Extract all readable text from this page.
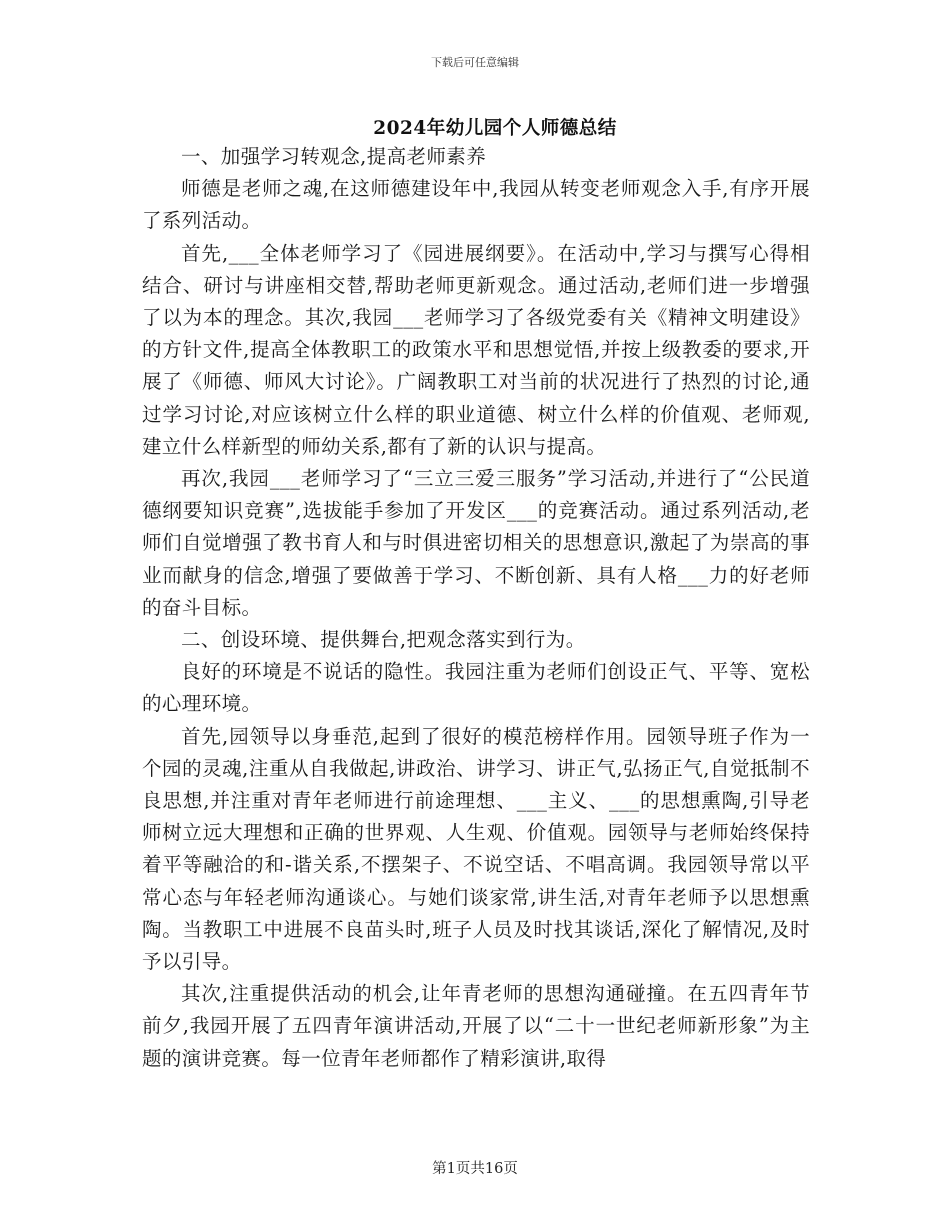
下载后可任意编辑
2024年幼儿园个人师德总结

一、加强学习转观念,提高老师素养

师德是老师之魂,在这师德建设年中,我园从转变老师观念入手,有序开展了系列活动。

首先,___全体老师学习了《园进展纲要》。在活动中,学习与撰写心得相结合、研讨与讲座相交替,帮助老师更新观念。通过活动,老师们进一步增强了以为本的理念。其次,我园___老师学习了各级党委有关《精神文明建设》的方针文件,提高全体教职工的政策水平和思想觉悟,并按上级教委的要求,开展了《师德、师风大讨论》。广阔教职工对当前的状况进行了热烈的讨论,通过学习讨论,对应该树立什么样的职业道德、树立什么样的价值观、老师观,建立什么样新型的师幼关系,都有了新的认识与提高。

再次,我园___老师学习了“三立三爱三服务”学习活动,并进行了“公民道德纲要知识竞赛”,选拔能手参加了开发区___的竞赛活动。通过系列活动,老师们自觉增强了教书育人和与时俱进密切相关的思想意识,激起了为崇高的事业而献身的信念,增强了要做善于学习、不断创新、具有人格___力的好老师的奋斗目标。

二、创设环境、提供舞台,把观念落实到行为。

良好的环境是不说话的隐性。我园注重为老师们创设正气、平等、宽松的心理环境。

首先,园领导以身垂范,起到了很好的模范榜样作用。园领导班子作为一个园的灵魂,注重从自我做起,讲政治、讲学习、讲正气,弘扬正气,自觉抵制不良思想,并注重对青年老师进行前途理想、___主义、___的思想熏陶,引导老师树立远大理想和正确的世界观、人生观、价值观。园领导与老师始终保持着平等融洽的和-谐关系,不摆架子、不说空话、不唱高调。我园领导常以平常心态与年轻老师沟通谈心。与她们谈家常,讲生活,对青年老师予以思想熏陶。当教职工中进展不良苗头时,班子人员及时找其谈话,深化了解情况,及时予以引导。

其次,注重提供活动的机会,让年青老师的思想沟通碰撞。在五四青年节前夕,我园开展了五四青年演讲活动,开展了以“二十一世纪老师新形象”为主题的演讲竞赛。每一位青年老师都作了精彩演讲,取得

第1页共16页
